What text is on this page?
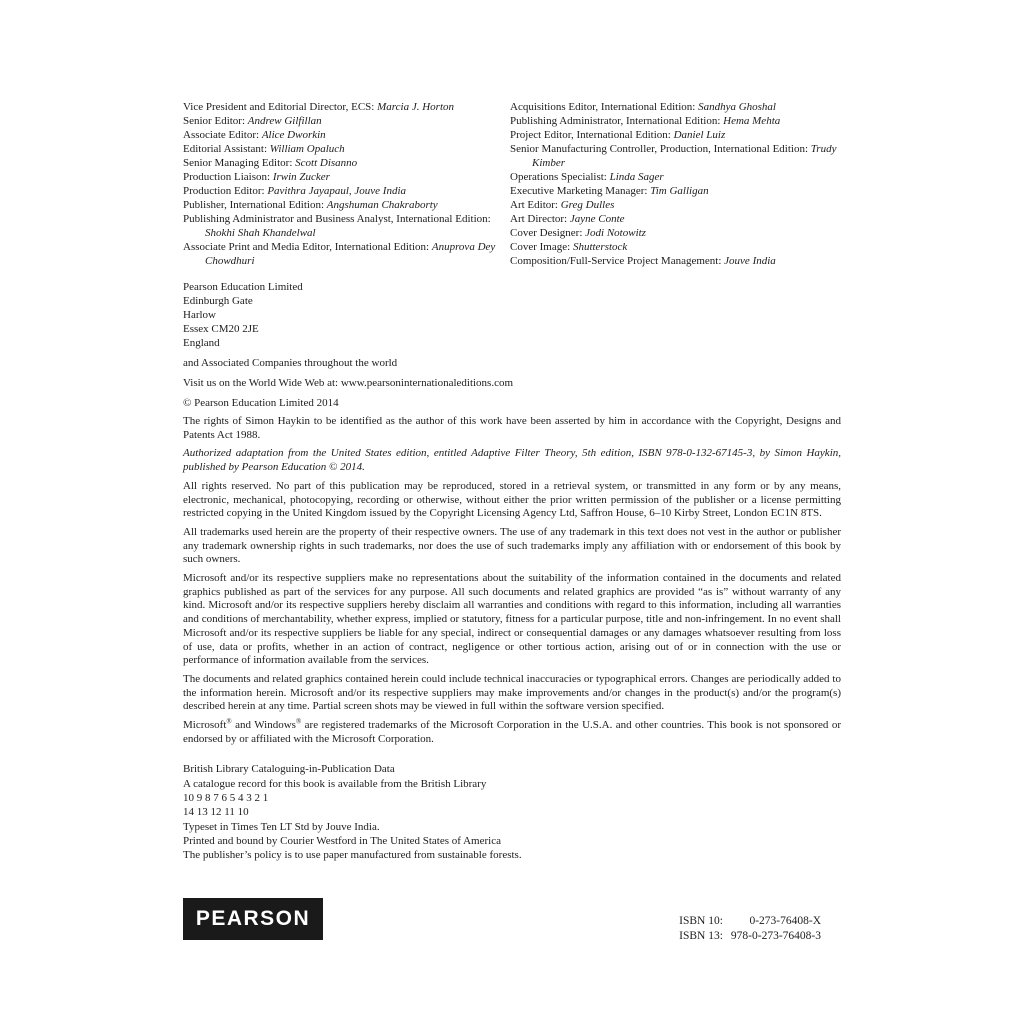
Vice President and Editorial Director, ECS: Marcia J. Horton
Senior Editor: Andrew Gilfillan
Associate Editor: Alice Dworkin
Editorial Assistant: William Opaluch
Senior Managing Editor: Scott Disanno
Production Liaison: Irwin Zucker
Production Editor: Pavithra Jayapaul, Jouve India
Publisher, International Edition: Angshuman Chakraborty
Publishing Administrator and Business Analyst, International Edition: Shokhi Shah Khandelwal
Associate Print and Media Editor, International Edition: Anuprova Dey Chowdhuri
Acquisitions Editor, International Edition: Sandhya Ghoshal
Publishing Administrator, International Edition: Hema Mehta
Project Editor, International Edition: Daniel Luiz
Senior Manufacturing Controller, Production, International Edition: Trudy Kimber
Operations Specialist: Linda Sager
Executive Marketing Manager: Tim Galligan
Art Editor: Greg Dulles
Art Director: Jayne Conte
Cover Designer: Jodi Notowitz
Cover Image: Shutterstock
Composition/Full-Service Project Management: Jouve India
Pearson Education Limited
Edinburgh Gate
Harlow
Essex CM20 2JE
England
and Associated Companies throughout the world
Visit us on the World Wide Web at: www.pearsoninternationaleditions.com
© Pearson Education Limited 2014

The rights of Simon Haykin to be identified as the author of this work have been asserted by him in accordance with the Copyright, Designs and Patents Act 1988.

Authorized adaptation from the United States edition, entitled Adaptive Filter Theory, 5th edition, ISBN 978-0-132-67145-3, by Simon Haykin, published by Pearson Education © 2014.

All rights reserved. No part of this publication may be reproduced, stored in a retrieval system, or transmitted in any form or by any means, electronic, mechanical, photocopying, recording or otherwise, without either the prior written permission of the publisher or a license permitting restricted copying in the United Kingdom issued by the Copyright Licensing Agency Ltd, Saffron House, 6–10 Kirby Street, London EC1N 8TS.

All trademarks used herein are the property of their respective owners. The use of any trademark in this text does not vest in the author or publisher any trademark ownership rights in such trademarks, nor does the use of such trademarks imply any affiliation with or endorsement of this book by such owners.

Microsoft and/or its respective suppliers make no representations about the suitability of the information contained in the documents and related graphics published as part of the services for any purpose. All such documents and related graphics are provided “as is” without warranty of any kind. Microsoft and/or its respective suppliers hereby disclaim all warranties and conditions with regard to this information, including all warranties and conditions of merchantability, whether express, implied or statutory, fitness for a particular purpose, title and non-infringement. In no event shall Microsoft and/or its respective suppliers be liable for any special, indirect or consequential damages or any damages whatsoever resulting from loss of use, data or profits, whether in an action of contract, negligence or other tortious action, arising out of or in connection with the use or performance of information available from the services.

The documents and related graphics contained herein could include technical inaccuracies or typographical errors. Changes are periodically added to the information herein. Microsoft and/or its respective suppliers may make improvements and/or changes in the product(s) and/or the program(s) described herein at any time. Partial screen shots may be viewed in full within the software version specified.

Microsoft® and Windows® are registered trademarks of the Microsoft Corporation in the U.S.A. and other countries. This book is not sponsored or endorsed by or affiliated with the Microsoft Corporation.

British Library Cataloguing-in-Publication Data
A catalogue record for this book is available from the British Library
10 9 8 7 6 5 4 3 2 1
14 13 12 11 10
Typeset in Times Ten LT Std by Jouve India.
Printed and bound by Courier Westford in The United States of America
The publisher’s policy is to use paper manufactured from sustainable forests.
PEARSON	ISBN 10:	0-273-76408-X
ISBN 13: 978-0-273-76408-3
